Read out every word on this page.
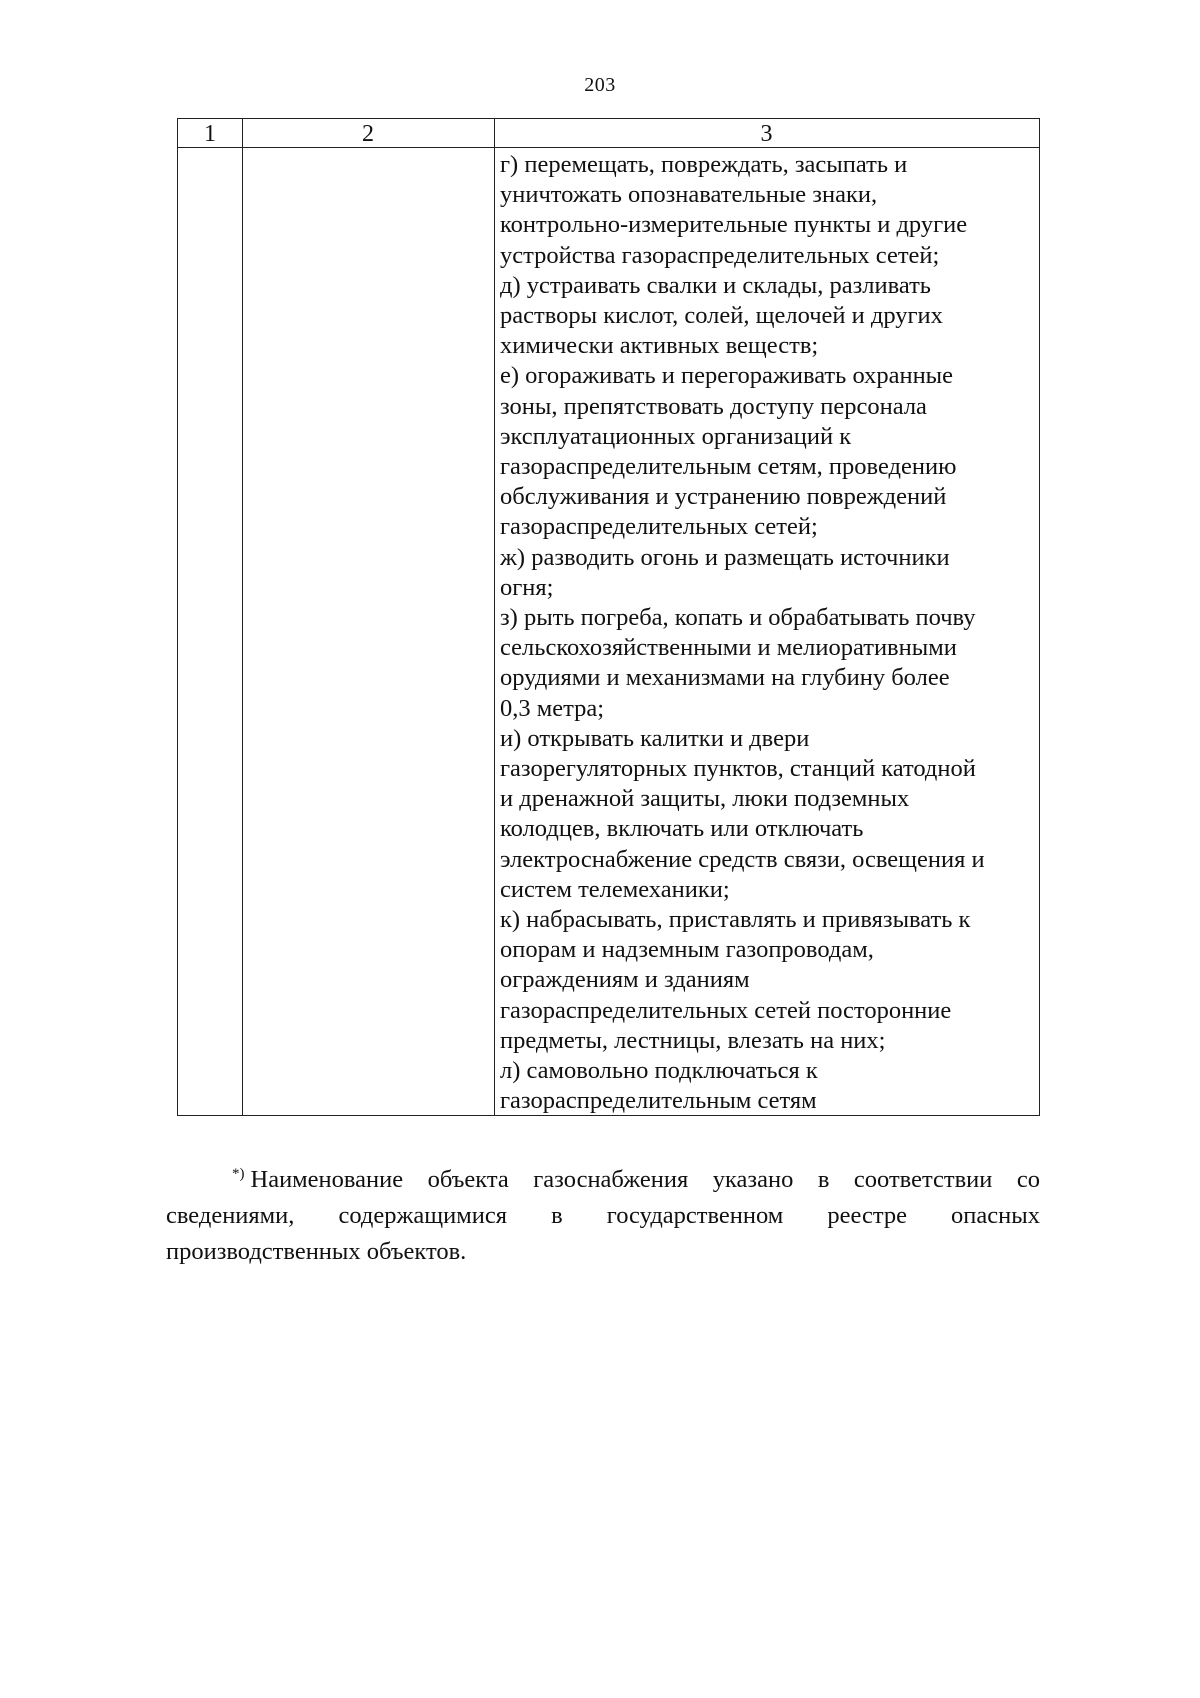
203
1	2	3
г) перемещать, повреждать, засыпать и
уничтожать опознавательные знаки,
контрольно-измерительные пункты и другие
устройства газораспределительных сетей;
д) устраивать свалки и склады, разливать
растворы кислот, солей, щелочей и других
химически активных веществ;
е) огораживать и перегораживать охранные
зоны, препятствовать доступу персонала
эксплуатационных организаций к
газораспределительным сетям, проведению
обслуживания и устранению повреждений
газораспределительных сетей;
ж) разводить огонь и размещать источники
огня;
з) рыть погреба, копать и обрабатывать почву
сельскохозяйственными и мелиоративными
орудиями и механизмами на глубину более
0,3 метра;
и) открывать калитки и двери
газорегуляторных пунктов, станций катодной
и дренажной защиты, люки подземных
колодцев, включать или отключать
электроснабжение средств связи, освещения и
систем телемеханики;
к) набрасывать, приставлять и привязывать к
опорам и надземным газопроводам,
ограждениям и зданиям
газораспределительных сетей посторонние
предметы, лестницы, влезать на них;
л) самовольно подключаться к
газораспределительным сетям
*) Наименование объекта газоснабжения указано в соответствии со
сведениями, содержащимися в государственном реестре опасных
производственных объектов.
